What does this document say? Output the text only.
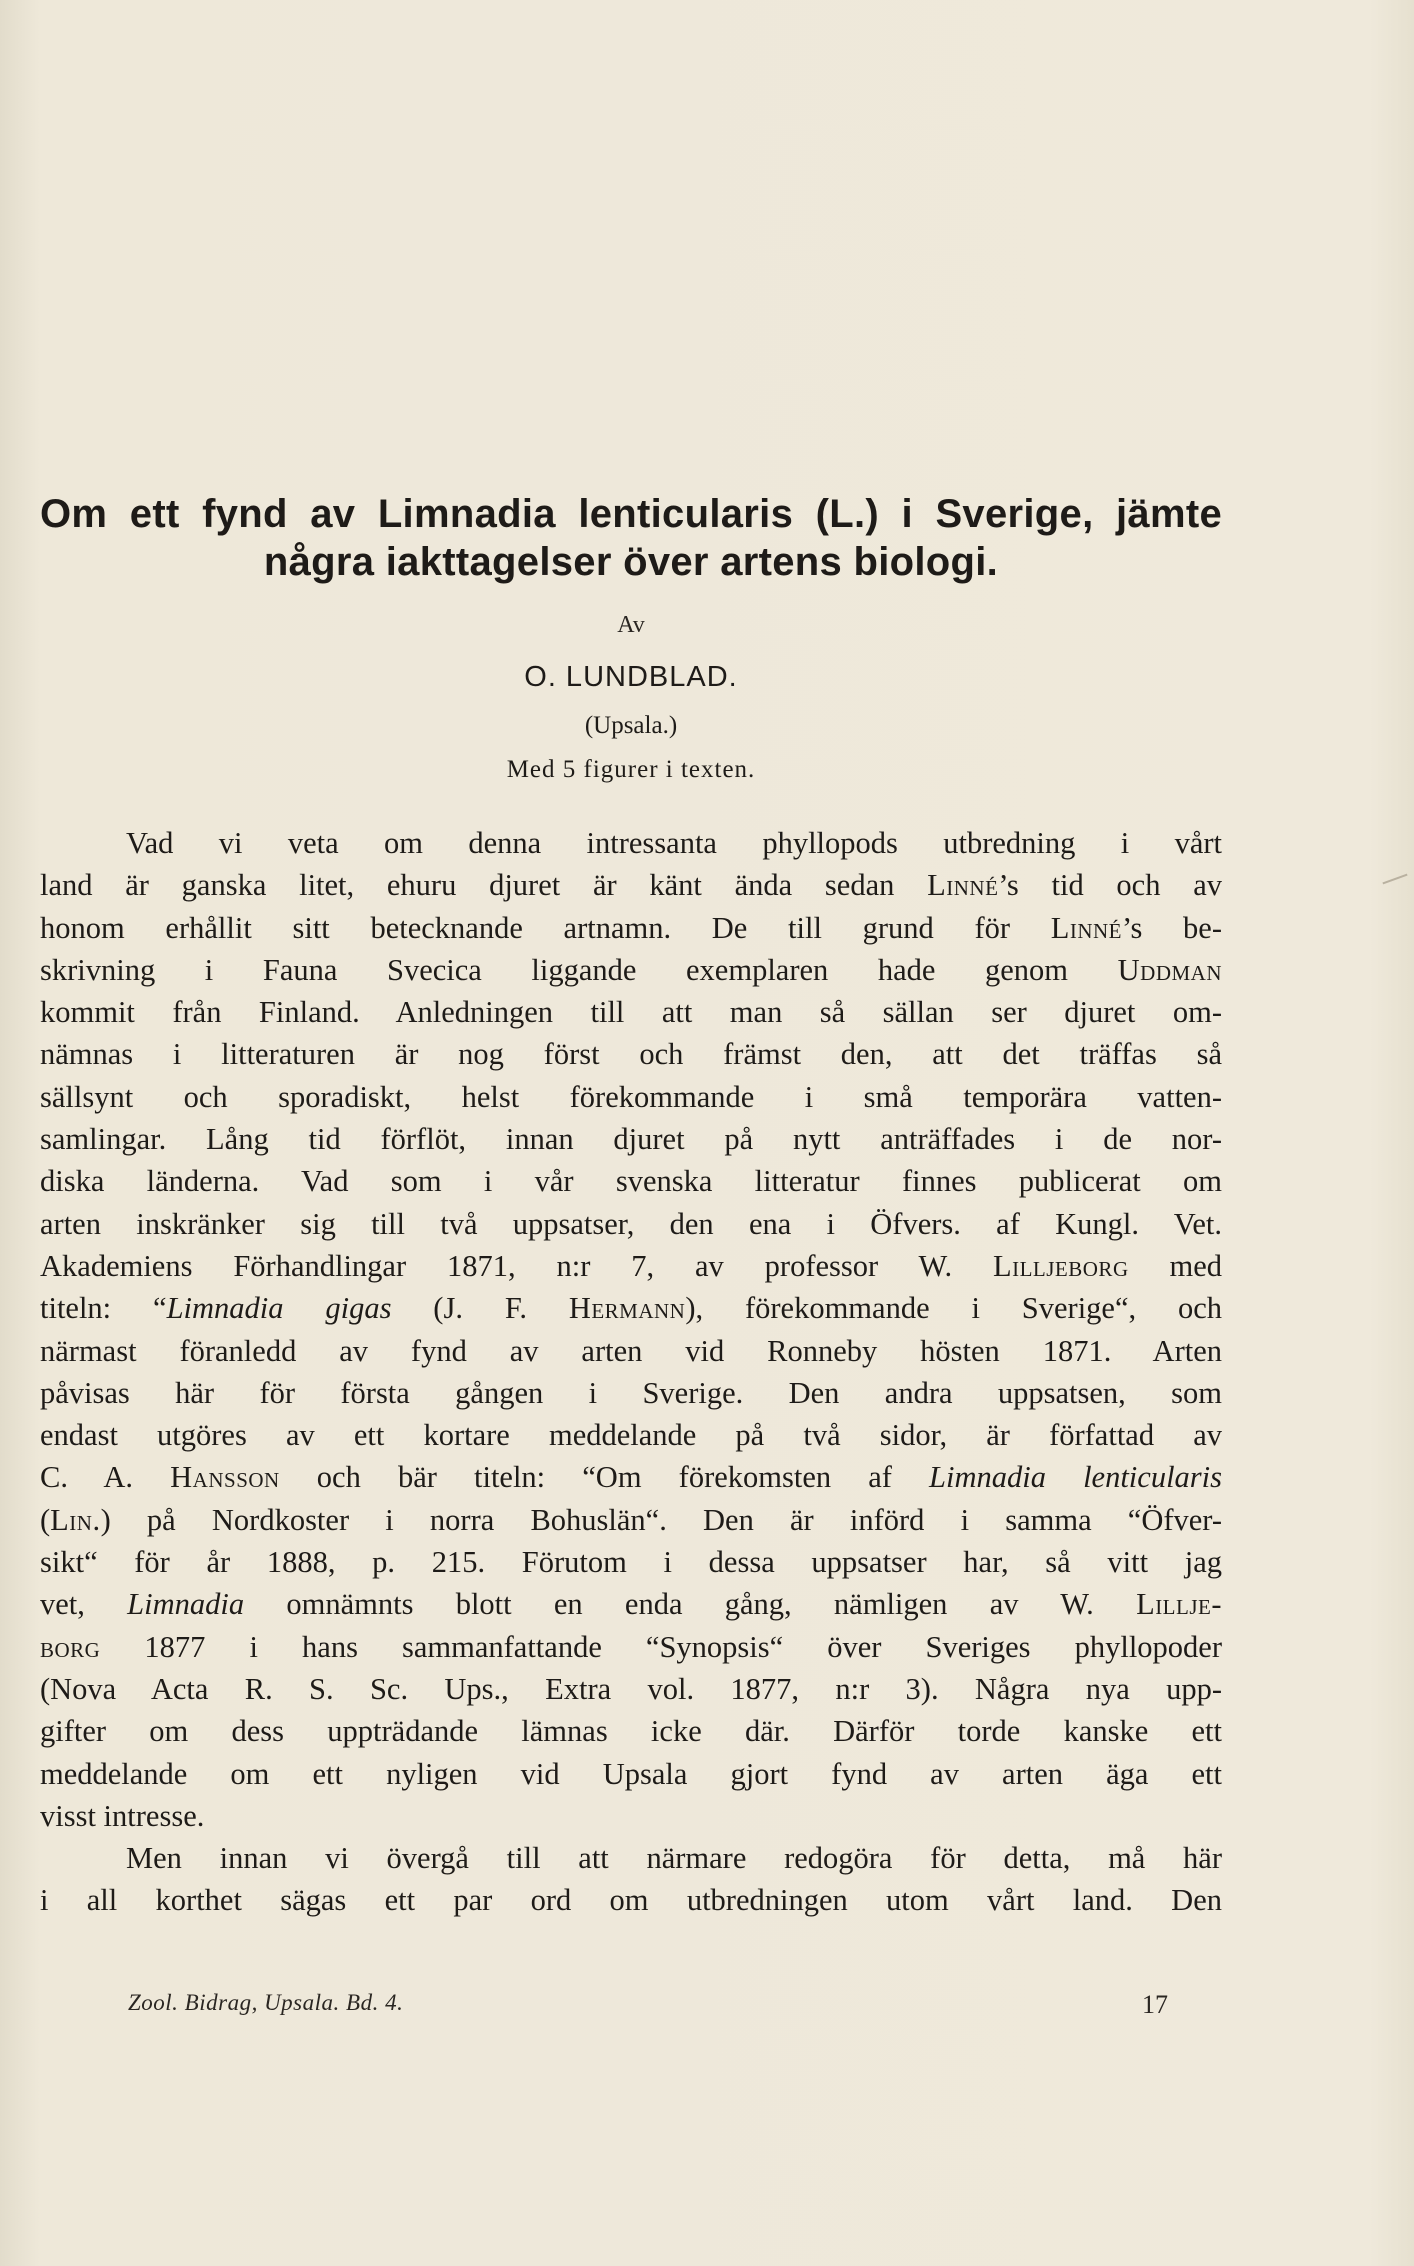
Om ett fynd av Limnadia lenticularis (L.) i Sverige, jämte
några iakttagelser över artens biologi.
Av
O. LUNDBLAD.
(Upsala.)
Med 5 figurer i texten.
Vad vi veta om denna intressanta phyllopods utbredning i vårt
land är ganska litet, ehuru djuret är känt ända sedan Linné’s tid och av
honom erhållit sitt betecknande artnamn. De till grund för Linné’s be-
skrivning i Fauna Svecica liggande exemplaren hade genom Uddman
kommit från Finland. Anledningen till att man så sällan ser djuret om-
nämnas i litteraturen är nog först och främst den, att det träffas så
sällsynt och sporadiskt, helst förekommande i små temporära vatten-
samlingar. Lång tid förflöt, innan djuret på nytt anträffades i de nor-
diska länderna. Vad som i vår svenska litteratur finnes publicerat om
arten inskränker sig till två uppsatser, den ena i Öfvers. af Kungl. Vet.
Akademiens Förhandlingar 1871, n:r 7, av professor W. Lilljeborg med
titeln: “Limnadia gigas (J. F. Hermann), förekommande i Sverige“, och
närmast föranledd av fynd av arten vid Ronneby hösten 1871. Arten
påvisas här för första gången i Sverige. Den andra uppsatsen, som
endast utgöres av ett kortare meddelande på två sidor, är författad av
C. A. Hansson och bär titeln: “Om förekomsten af Limnadia lenticularis
(Lin.) på Nordkoster i norra Bohuslän“. Den är införd i samma “Öfver-
sikt“ för år 1888, p. 215. Förutom i dessa uppsatser har, så vitt jag
vet, Limnadia omnämnts blott en enda gång, nämligen av W. Lillje-
borg 1877 i hans sammanfattande “Synopsis“ över Sveriges phyllopoder
(Nova Acta R. S. Sc. Ups., Extra vol. 1877, n:r 3). Några nya upp-
gifter om dess uppträdande lämnas icke där. Därför torde kanske ett
meddelande om ett nyligen vid Upsala gjort fynd av arten äga ett
visst intresse.
Men innan vi övergå till att närmare redogöra för detta, må här
i all korthet sägas ett par ord om utbredningen utom vårt land. Den
Zool. Bidrag, Upsala. Bd. 4.	17
